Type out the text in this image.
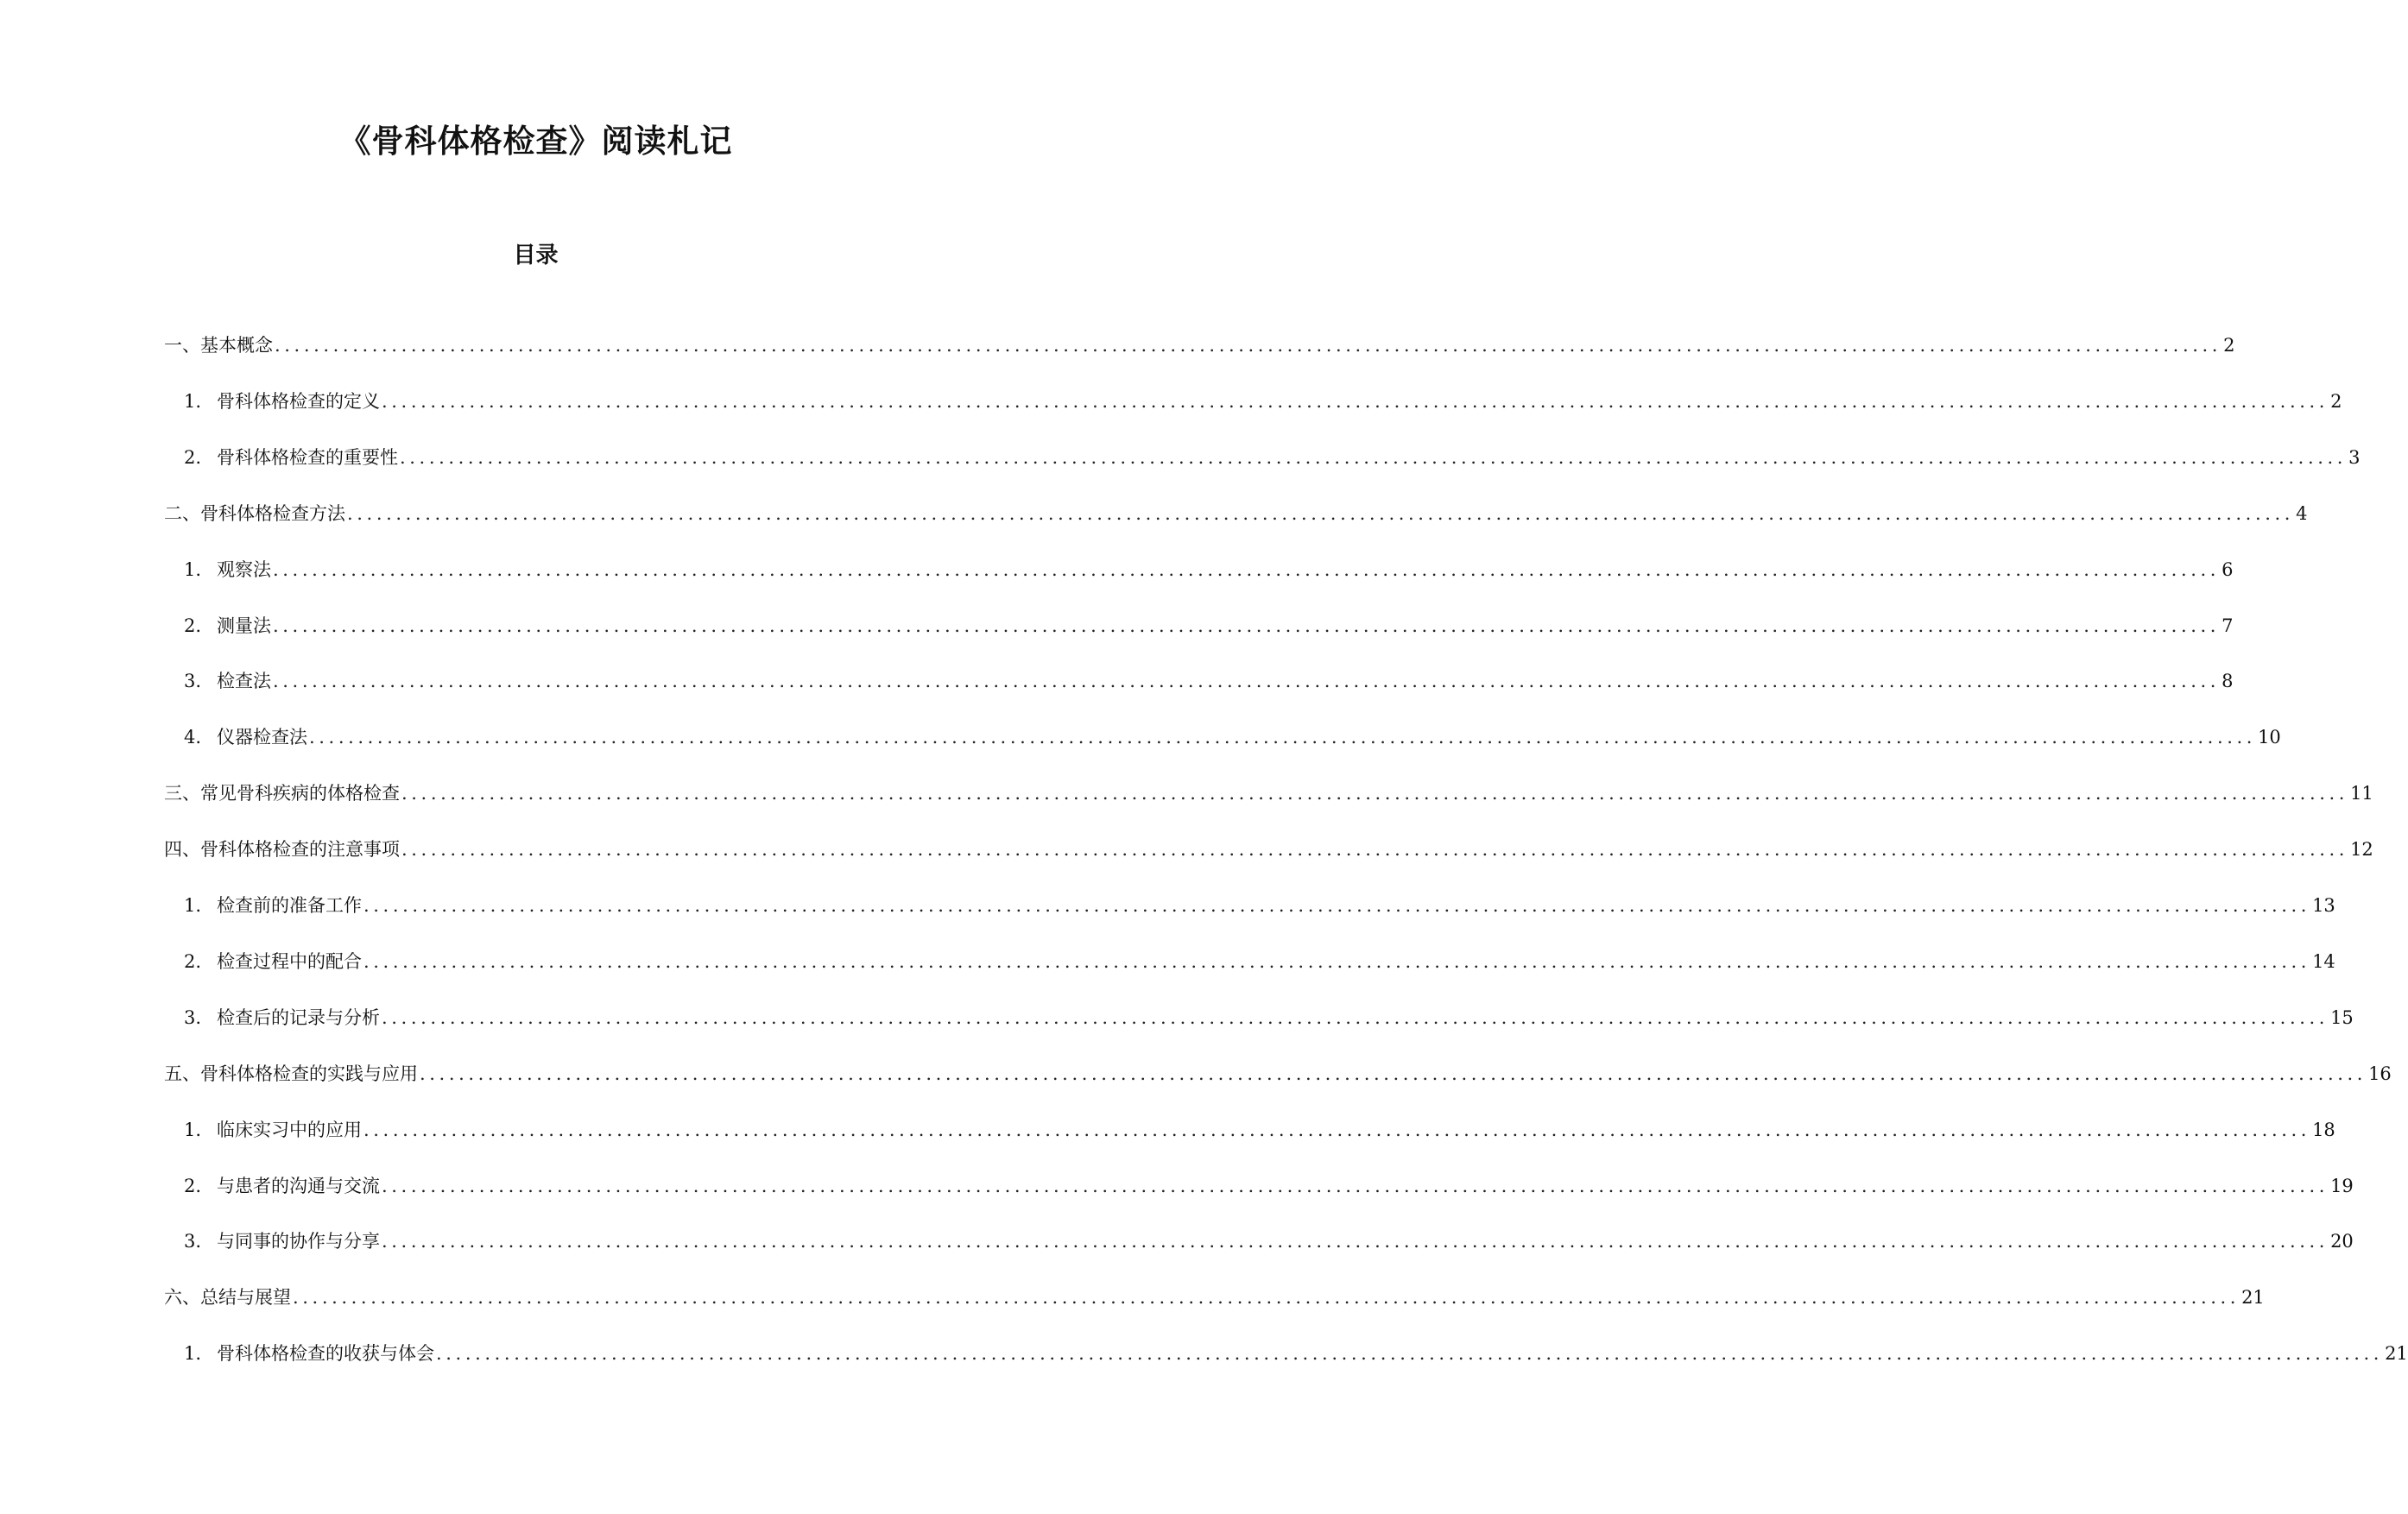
《骨科体格检查》阅读札记
目录
一、基本概念 ........................................................................................................................................................................................................ 2
1. 骨科体格检查的定义 ........................................................................................................................................................................................................ 2
2. 骨科体格检查的重要性 ........................................................................................................................................................................................................ 3
二、骨科体格检查方法 ........................................................................................................................................................................................................ 4
1. 观察法 ........................................................................................................................................................................................................ 6
2. 测量法 ........................................................................................................................................................................................................ 7
3. 检查法 ........................................................................................................................................................................................................ 8
4. 仪器检查法 ........................................................................................................................................................................................................ 10
三、常见骨科疾病的体格检查 ........................................................................................................................................................................................................ 11
四、骨科体格检查的注意事项 ........................................................................................................................................................................................................ 12
1. 检查前的准备工作 ........................................................................................................................................................................................................ 13
2. 检查过程中的配合 ........................................................................................................................................................................................................ 14
3. 检查后的记录与分析 ........................................................................................................................................................................................................ 15
五、骨科体格检查的实践与应用 ........................................................................................................................................................................................................ 16
1. 临床实习中的应用 ........................................................................................................................................................................................................ 18
2. 与患者的沟通与交流 ........................................................................................................................................................................................................ 19
3. 与同事的协作与分享 ........................................................................................................................................................................................................ 20
六、总结与展望 ........................................................................................................................................................................................................ 21
1. 骨科体格检查的收获与体会 ........................................................................................................................................................................................................ 21
